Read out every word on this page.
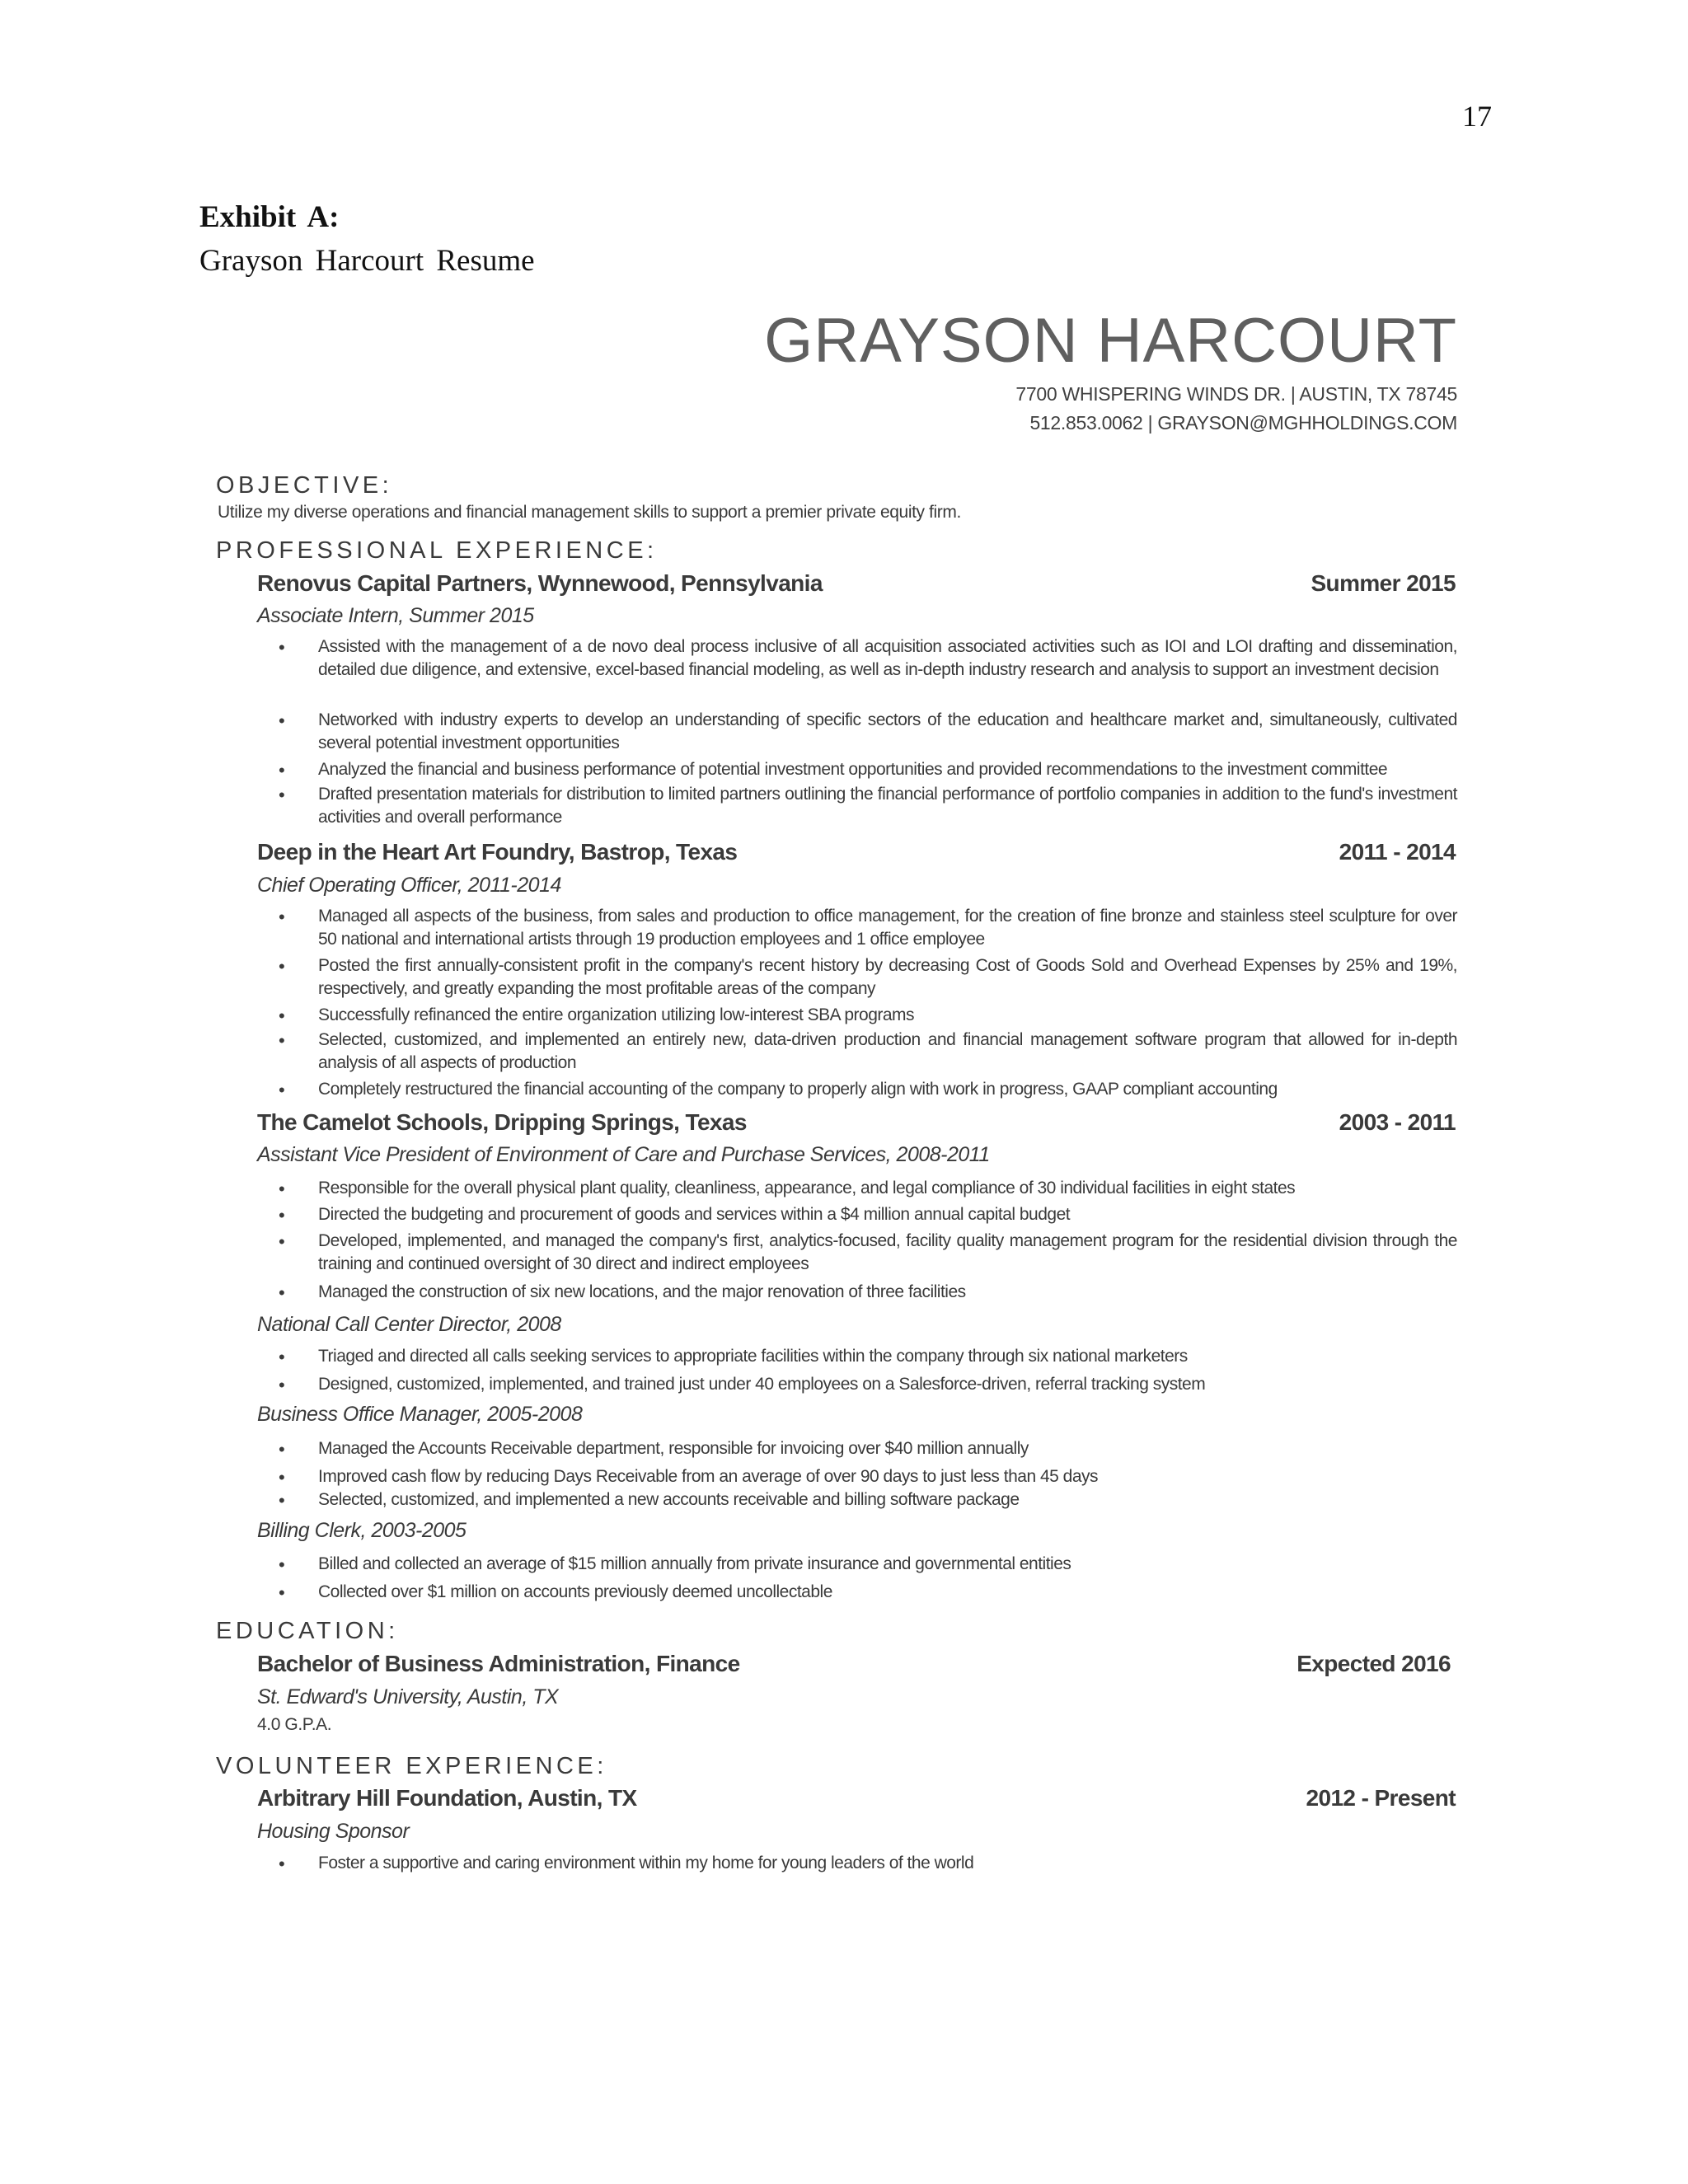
17
Exhibit A:
Grayson Harcourt Resume
GRAYSON HARCOURT
7700 WHISPERING WINDS DR. | AUSTIN, TX 78745
512.853.0062 | GRAYSON@MGHHOLDINGS.COM
OBJECTIVE:
Utilize my diverse operations and financial management skills to support a premier private equity firm.
PROFESSIONAL EXPERIENCE:
Renovus Capital Partners, Wynnewood, Pennsylvania	Summer 2015
Associate Intern, Summer 2015
• Assisted with the management of a de novo deal process inclusive of all acquisition associated activities such as IOI and LOI drafting and dissemination, detailed due diligence, and extensive, excel-based financial modeling, as well as in-depth industry research and analysis to support an investment decision
• Networked with industry experts to develop an understanding of specific sectors of the education and healthcare market and, simultaneously, cultivated several potential investment opportunities
• Analyzed the financial and business performance of potential investment opportunities and provided recommendations to the investment committee
• Drafted presentation materials for distribution to limited partners outlining the financial performance of portfolio companies in addition to the fund's investment activities and overall performance
Deep in the Heart Art Foundry, Bastrop, Texas	2011 - 2014
Chief Operating Officer, 2011-2014
• Managed all aspects of the business, from sales and production to office management, for the creation of fine bronze and stainless steel sculpture for over 50 national and international artists through 19 production employees and 1 office employee
• Posted the first annually-consistent profit in the company's recent history by decreasing Cost of Goods Sold and Overhead Expenses by 25% and 19%, respectively, and greatly expanding the most profitable areas of the company
• Successfully refinanced the entire organization utilizing low-interest SBA programs
• Selected, customized, and implemented an entirely new, data-driven production and financial management software program that allowed for in-depth analysis of all aspects of production
• Completely restructured the financial accounting of the company to properly align with work in progress, GAAP compliant accounting
The Camelot Schools, Dripping Springs, Texas	2003 - 2011
Assistant Vice President of Environment of Care and Purchase Services, 2008-2011
• Responsible for the overall physical plant quality, cleanliness, appearance, and legal compliance of 30 individual facilities in eight states
• Directed the budgeting and procurement of goods and services within a $4 million annual capital budget
• Developed, implemented, and managed the company's first, analytics-focused, facility quality management program for the residential division through the training and continued oversight of 30 direct and indirect employees
• Managed the construction of six new locations, and the major renovation of three facilities
National Call Center Director, 2008
• Triaged and directed all calls seeking services to appropriate facilities within the company through six national marketers
• Designed, customized, implemented, and trained just under 40 employees on a Salesforce-driven, referral tracking system
Business Office Manager, 2005-2008
• Managed the Accounts Receivable department, responsible for invoicing over $40 million annually
• Improved cash flow by reducing Days Receivable from an average of over 90 days to just less than 45 days
• Selected, customized, and implemented a new accounts receivable and billing software package
Billing Clerk, 2003-2005
• Billed and collected an average of $15 million annually from private insurance and governmental entities
• Collected over $1 million on accounts previously deemed uncollectable
EDUCATION:
Bachelor of Business Administration, Finance	Expected 2016
St. Edward's University, Austin, TX
4.0 G.P.A.
VOLUNTEER EXPERIENCE:
Arbitrary Hill Foundation, Austin, TX	2012 - Present
Housing Sponsor
• Foster a supportive and caring environment within my home for young leaders of the world
